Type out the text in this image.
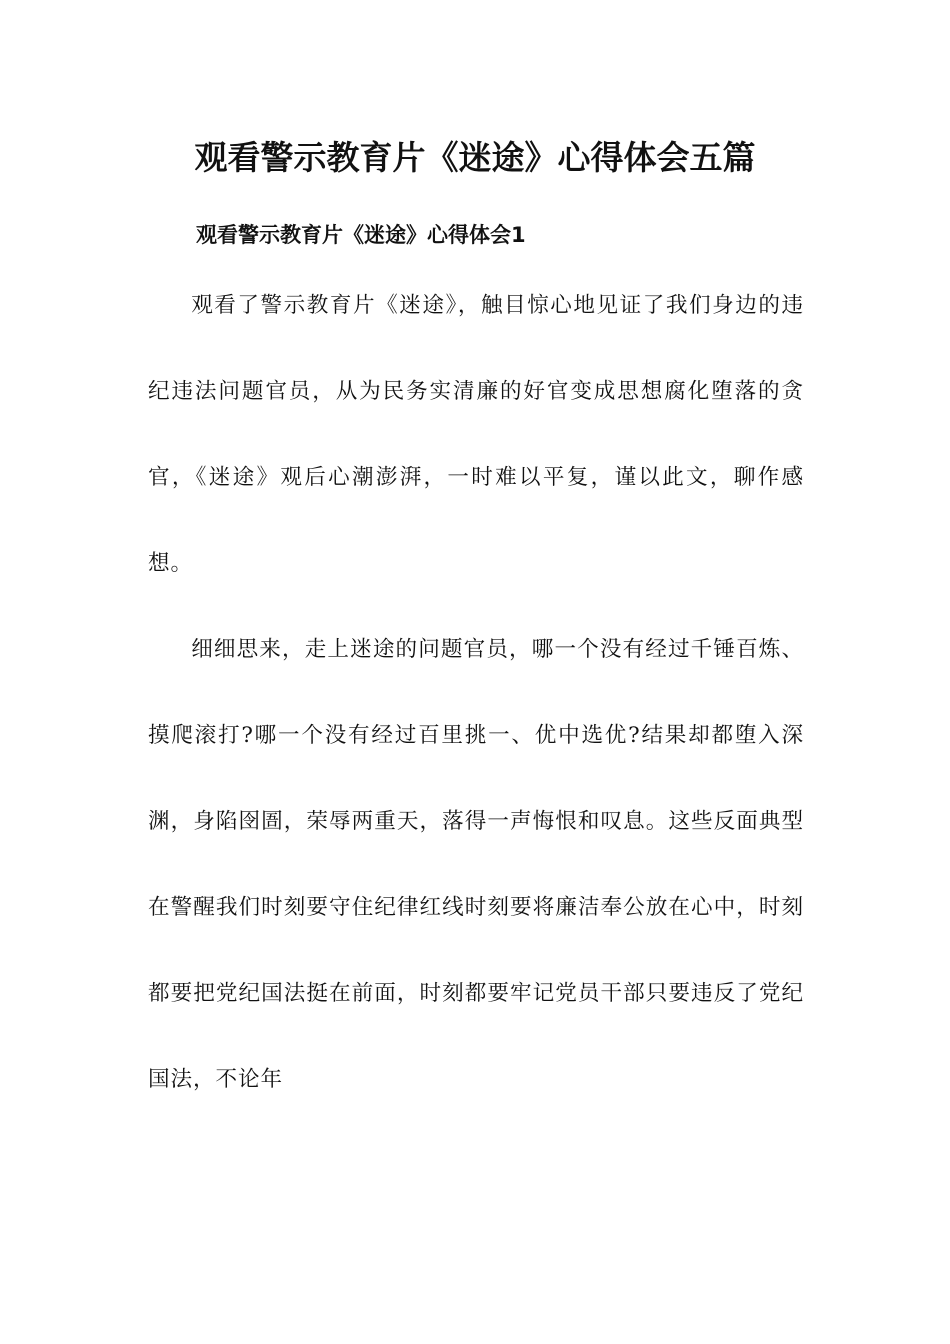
观看警示教育片《迷途》心得体会五篇
观看警示教育片《迷途》心得体会1

观看了警示教育片《迷途》，触目惊心地见证了我们身边的违纪违法问题官员，从为民务实清廉的好官变成思想腐化堕落的贪官，《迷途》观后心潮澎湃，一时难以平复，谨以此文，聊作感想。

细细思来，走上迷途的问题官员，哪一个没有经过千锤百炼、摸爬滚打?哪一个没有经过百里挑一、优中选优?结果却都堕入深渊，身陷囹圄，荣辱两重天，落得一声悔恨和叹息。这些反面典型在警醒我们时刻要守住纪律红线时刻要将廉洁奉公放在心中，时刻都要把党纪国法挺在前面，时刻都要牢记党员干部只要违反了党纪国法，不论年
